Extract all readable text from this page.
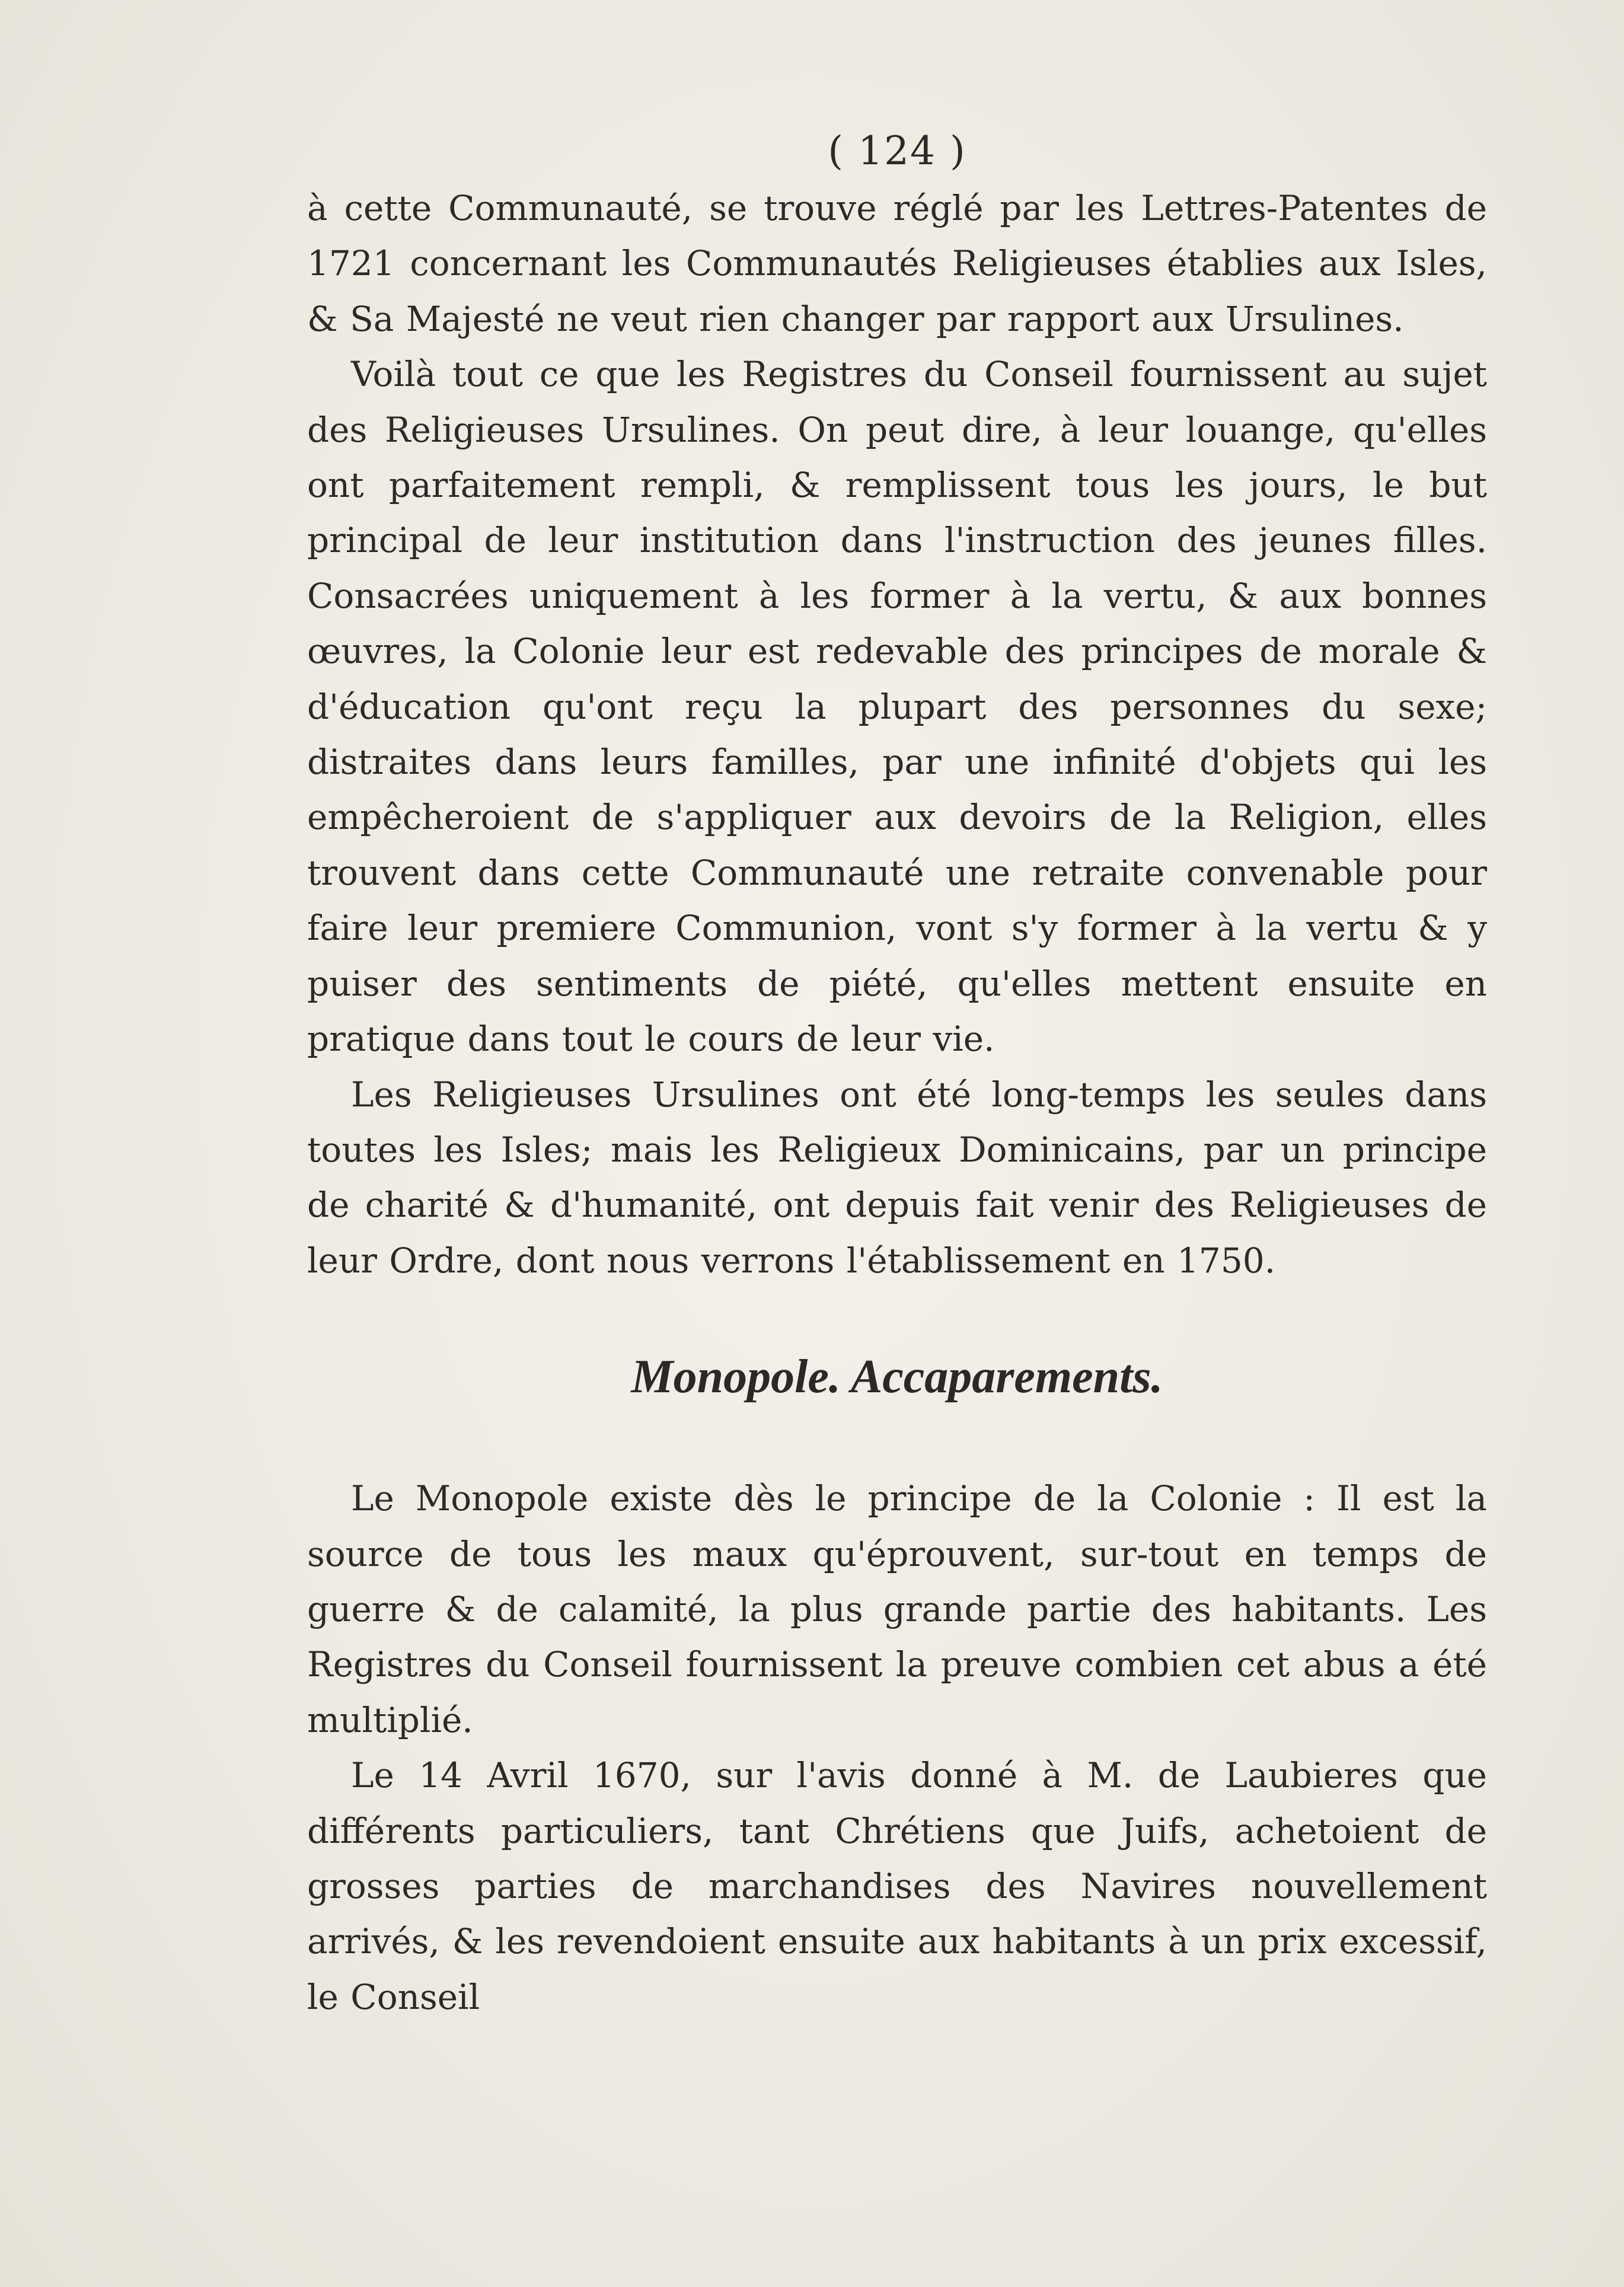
( 124 )

à cette Communauté, se trouve réglé par les Lettres-Patentes de 1721 concernant les Communautés Religieuses établies aux Isles, & Sa Majesté ne veut rien changer par rapport aux Ursulines.

Voilà tout ce que les Registres du Conseil fournissent au sujet des Religieuses Ursulines. On peut dire, à leur louange, qu'elles ont parfaitement rempli, & remplissent tous les jours, le but principal de leur institution dans l'instruction des jeunes filles. Consacrées uniquement à les former à la vertu, & aux bonnes œuvres, la Colonie leur est redevable des principes de morale & d'éducation qu'ont reçu la plupart des personnes du sexe; distraites dans leurs familles, par une infinité d'objets qui les empêcheroient de s'appliquer aux devoirs de la Religion, elles trouvent dans cette Communauté une retraite convenable pour faire leur premiere Communion, vont s'y former à la vertu & y puiser des sentiments de piété, qu'elles mettent ensuite en pratique dans tout le cours de leur vie.

Les Religieuses Ursulines ont été long-temps les seules dans toutes les Isles; mais les Religieux Dominicains, par un principe de charité & d'humanité, ont depuis fait venir des Religieuses de leur Ordre, dont nous verrons l'établissement en 1750.

Monopole. Accaparements.

Le Monopole existe dès le principe de la Colonie : Il est la source de tous les maux qu'éprouvent, sur-tout en temps de guerre & de calamité, la plus grande partie des habitants. Les Registres du Conseil fournissent la preuve combien cet abus a été multiplié.

Le 14 Avril 1670, sur l'avis donné à M. de Laubieres que différents particuliers, tant Chrétiens que Juifs, achetoient de grosses parties de marchandises des Navires nouvellement arrivés, & les revendoient ensuite aux habitants à un prix excessif, le Conseil
